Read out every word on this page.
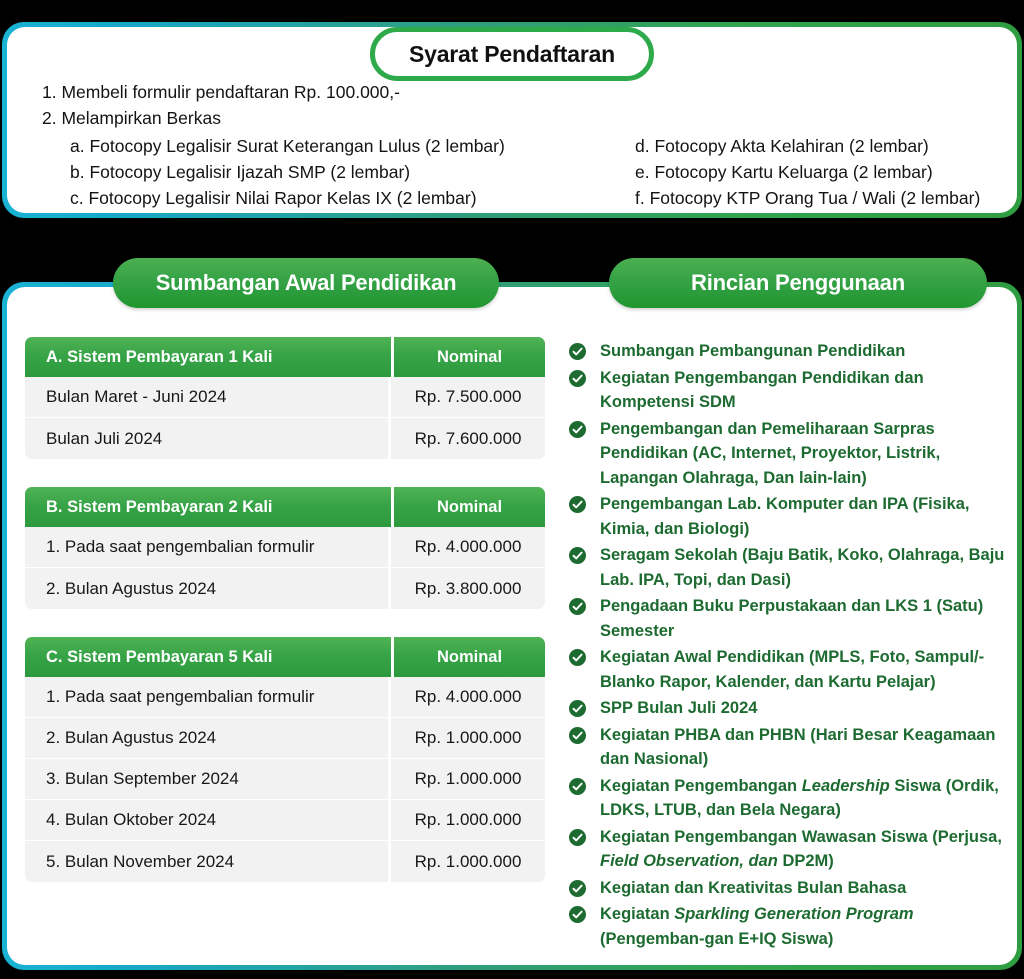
Syarat Pendaftaran
1. Membeli formulir pendaftaran Rp. 100.000,-
2. Melampirkan Berkas
a. Fotocopy Legalisir Surat Keterangan Lulus (2 lembar)
b. Fotocopy Legalisir Ijazah SMP (2 lembar)
c. Fotocopy Legalisir Nilai Rapor Kelas IX (2 lembar)
d. Fotocopy Akta Kelahiran (2 lembar)
e. Fotocopy Kartu Keluarga (2 lembar)
f. Fotocopy KTP Orang Tua / Wali (2 lembar)
Sumbangan Awal Pendidikan	Rincian Penggunaan
A. Sistem Pembayaran 1 Kali	Nominal
Bulan Maret - Juni 2024	Rp. 7.500.000
Bulan Juli 2024	Rp. 7.600.000
B. Sistem Pembayaran 2 Kali	Nominal
1. Pada saat pengembalian formulir	Rp. 4.000.000
2. Bulan Agustus 2024	Rp. 3.800.000
C. Sistem Pembayaran 5 Kali	Nominal
1. Pada saat pengembalian formulir	Rp. 4.000.000
2. Bulan Agustus 2024	Rp. 1.000.000
3. Bulan September 2024	Rp. 1.000.000
4. Bulan Oktober 2024	Rp. 1.000.000
5. Bulan November 2024	Rp. 1.000.000
Sumbangan Pembangunan Pendidikan
Kegiatan Pengembangan Pendidikan dan Kompetensi SDM
Pengembangan dan Pemeliharaan Sarpras Pendidikan (AC, Internet, Proyektor, Listrik, Lapangan Olahraga, Dan lain-lain)
Pengembangan Lab. Komputer dan IPA (Fisika, Kimia, dan Biologi)
Seragam Sekolah (Baju Batik, Koko, Olahraga, Baju Lab. IPA, Topi, dan Dasi)
Pengadaan Buku Perpustakaan dan LKS 1 (Satu) Semester
Kegiatan Awal Pendidikan (MPLS, Foto, Sampul/-Blanko Rapor, Kalender, dan Kartu Pelajar)
SPP Bulan Juli 2024
Kegiatan PHBA dan PHBN (Hari Besar Keagamaan dan Nasional)
Kegiatan Pengembangan Leadership Siswa (Ordik, LDKS, LTUB, dan Bela Negara)
Kegiatan Pengembangan Wawasan Siswa (Perjusa, Field Observation, dan DP2M)
Kegiatan dan Kreativitas Bulan Bahasa
Kegiatan Sparkling Generation Program (Pengemban-gan E+IQ Siswa)
